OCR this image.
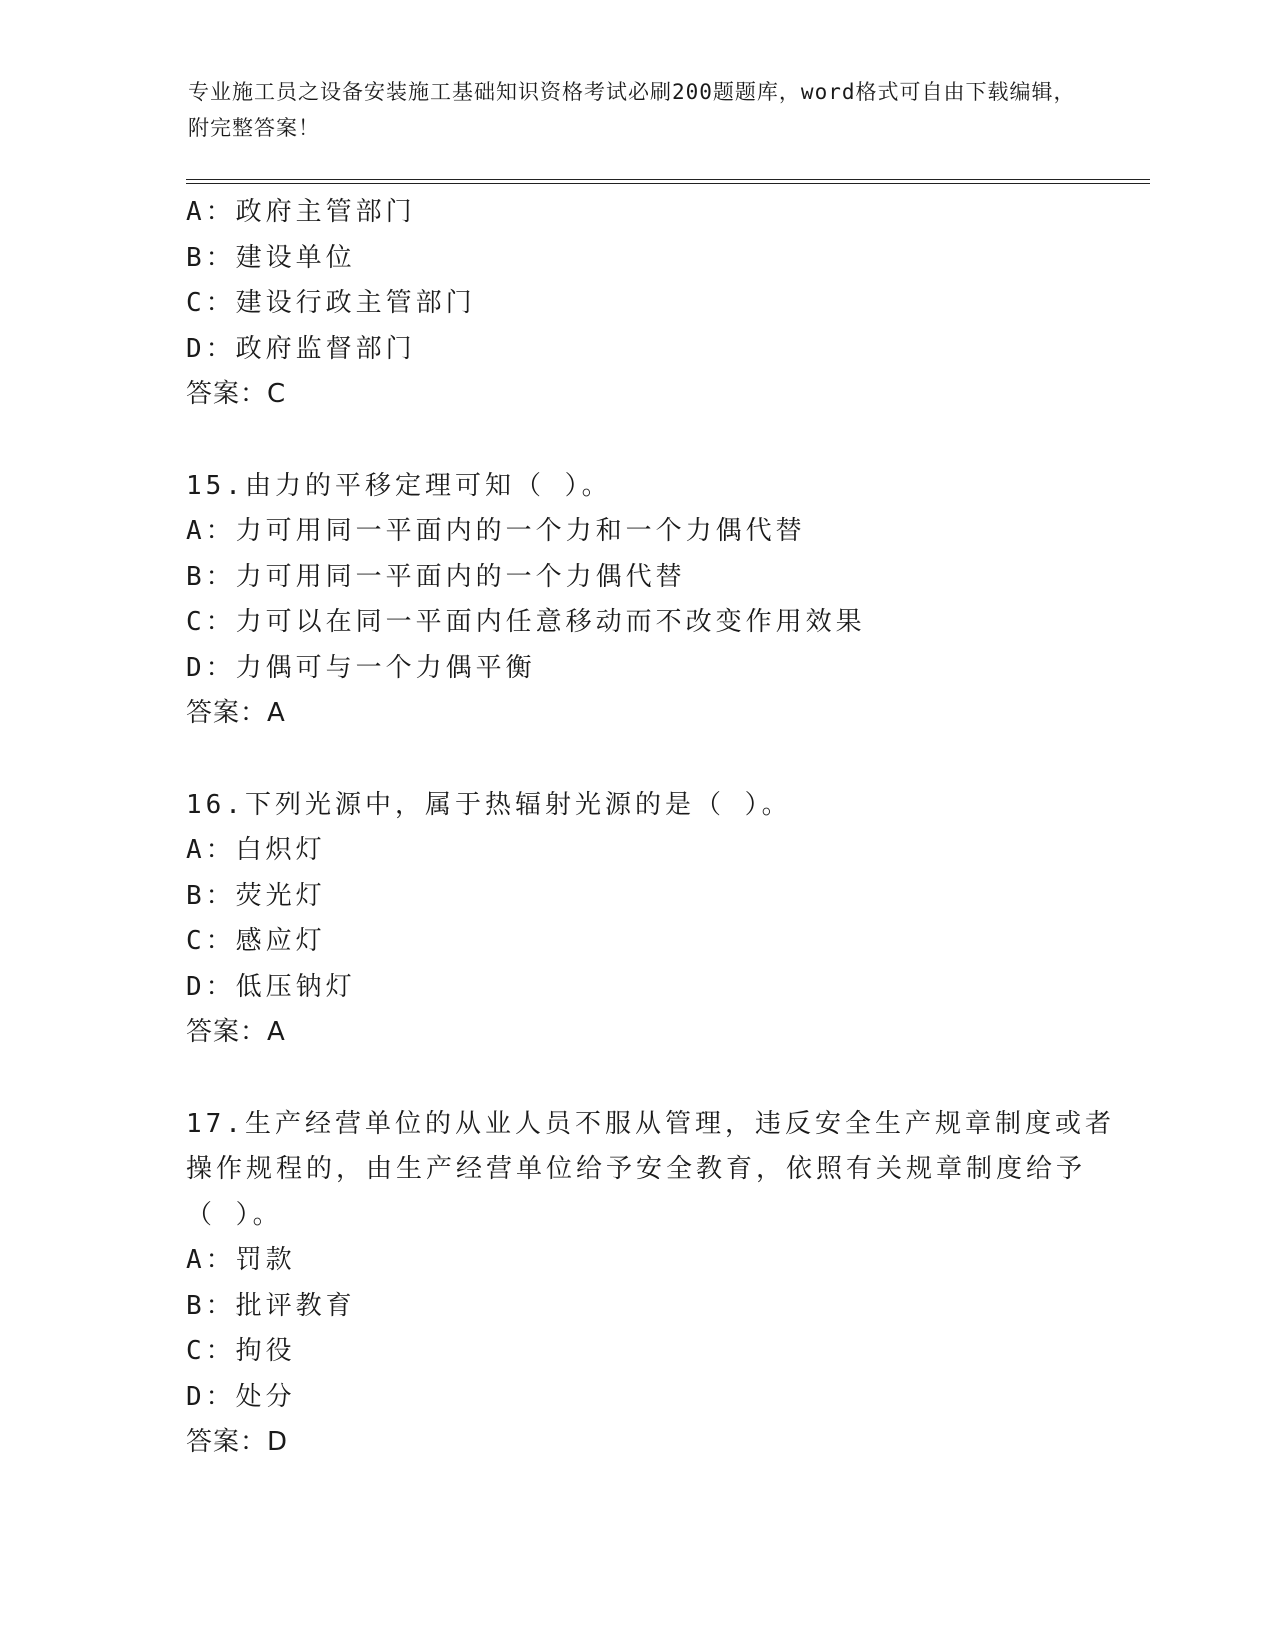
专业施工员之设备安装施工基础知识资格考试必刷200题题库，word格式可自由下载编辑，附完整答案！
A：政府主管部门
B：建设单位
C：建设行政主管部门
D：政府监督部门
答案：C
15.由力的平移定理可知（ ）。
A：力可用同一平面内的一个力和一个力偶代替
B：力可用同一平面内的一个力偶代替
C：力可以在同一平面内任意移动而不改变作用效果
D：力偶可与一个力偶平衡
答案：A
16.下列光源中，属于热辐射光源的是（ ）。
A：白炽灯
B：荧光灯
C：感应灯
D：低压钠灯
答案：A
17.生产经营单位的从业人员不服从管理，违反安全生产规章制度或者
操作规程的，由生产经营单位给予安全教育，依照有关规章制度给予
（ ）。
A：罚款
B：批评教育
C：拘役
D：处分
答案：D
